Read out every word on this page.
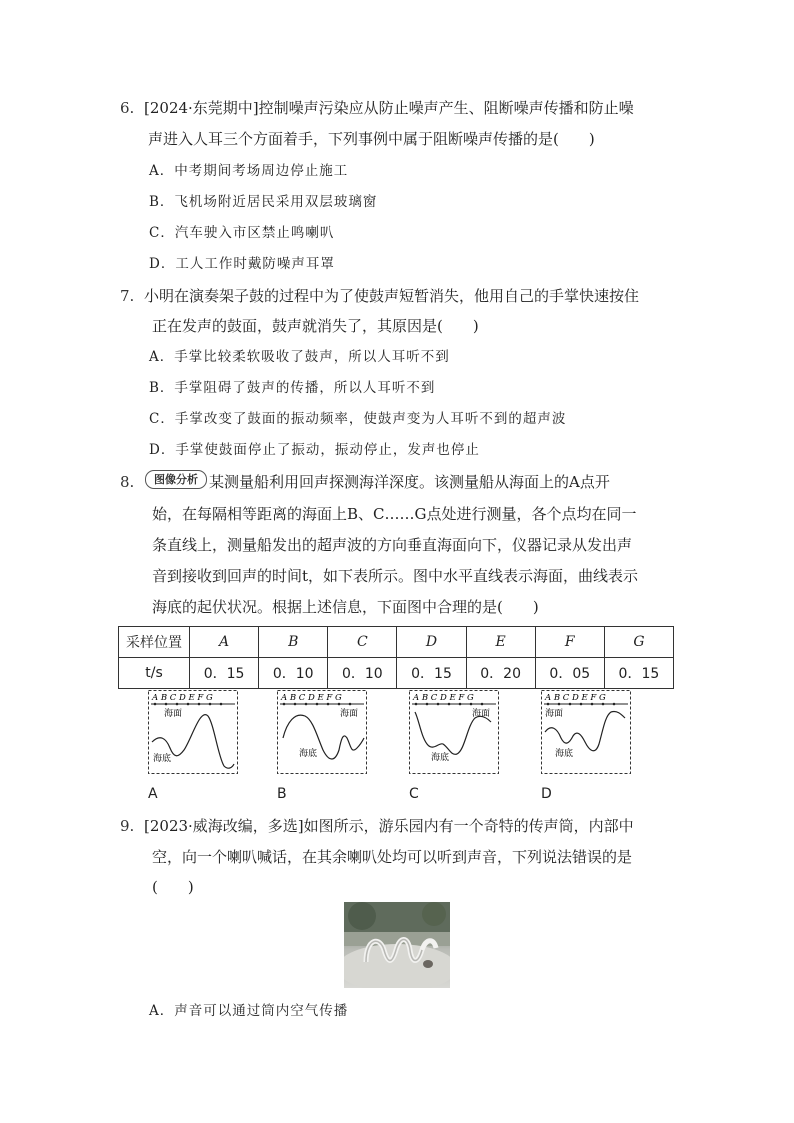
6. [2024·东莞期中]控制噪声污染应从防止噪声产生、阻断噪声传播和防止噪
声进入人耳三个方面着手，下列事例中属于阻断噪声传播的是(　　)
A．中考期间考场周边停止施工
B．飞机场附近居民采用双层玻璃窗
C．汽车驶入市区禁止鸣喇叭
D．工人工作时戴防噪声耳罩
7. 小明在演奏架子鼓的过程中为了使鼓声短暂消失，他用自己的手掌快速按住
正在发声的鼓面，鼓声就消失了，其原因是(　　)
A．手掌比较柔软吸收了鼓声，所以人耳听不到
B．手掌阻碍了鼓声的传播，所以人耳听不到
C．手掌改变了鼓面的振动频率，使鼓声变为人耳听不到的超声波
D．手掌使鼓面停止了振动，振动停止，发声也停止
8.	图像分析 某测量船利用回声探测海洋深度。该测量船从海面上的A点开
始，在每隔相等距离的海面上B、C……G点处进行测量，各个点均在同一
条直线上，测量船发出的超声波的方向垂直海面向下，仪器记录从发出声
音到接收到回声的时间t，如下表所示。图中水平直线表示海面，曲线表示
海底的起伏状况。根据上述信息，下面图中合理的是(　　)
采样位置	A	B	C	D	E	F	G
t/s	0．15	0．10	0．10	0．15	0．20	0．05	0．15
A B C D E F G
海面
海底
A B C D E F G
海面
海底
A B C D E F G
海面
海底
A B C D E F G
海面
海底
A	B	C	D
9. [2023·威海改编，多选]如图所示，游乐园内有一个奇特的传声筒，内部中
空，向一个喇叭喊话，在其余喇叭处均可以听到声音，下列说法错误的是
(　　)
A．声音可以通过筒内空气传播
